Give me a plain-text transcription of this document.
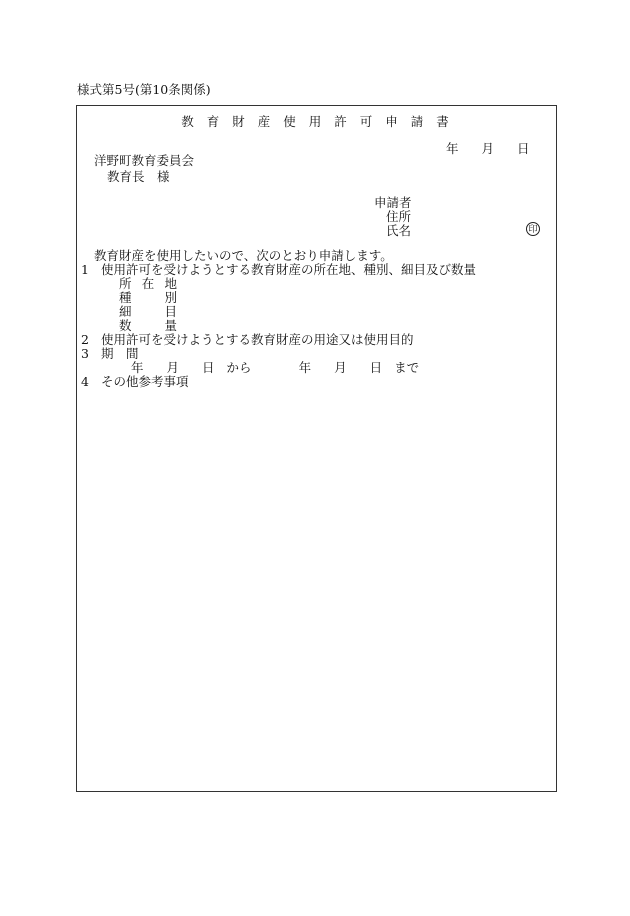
様式第5号(第10条関係)
教育財産使用許可申請書
年 月 日
洋野町教育委員会
教育長　様
申請者
住所
氏名	印
教育財産を使用したいので、次のとおり申請します。
1 使用許可を受けようとする教育財産の所在地、種別、細目及び数量
所在地
種別
細目
数量
2 使用許可を受けようとする教育財産の用途又は使用目的
3 期　間
年 月 日 から	年 月 日 まで
4 その他参考事項
